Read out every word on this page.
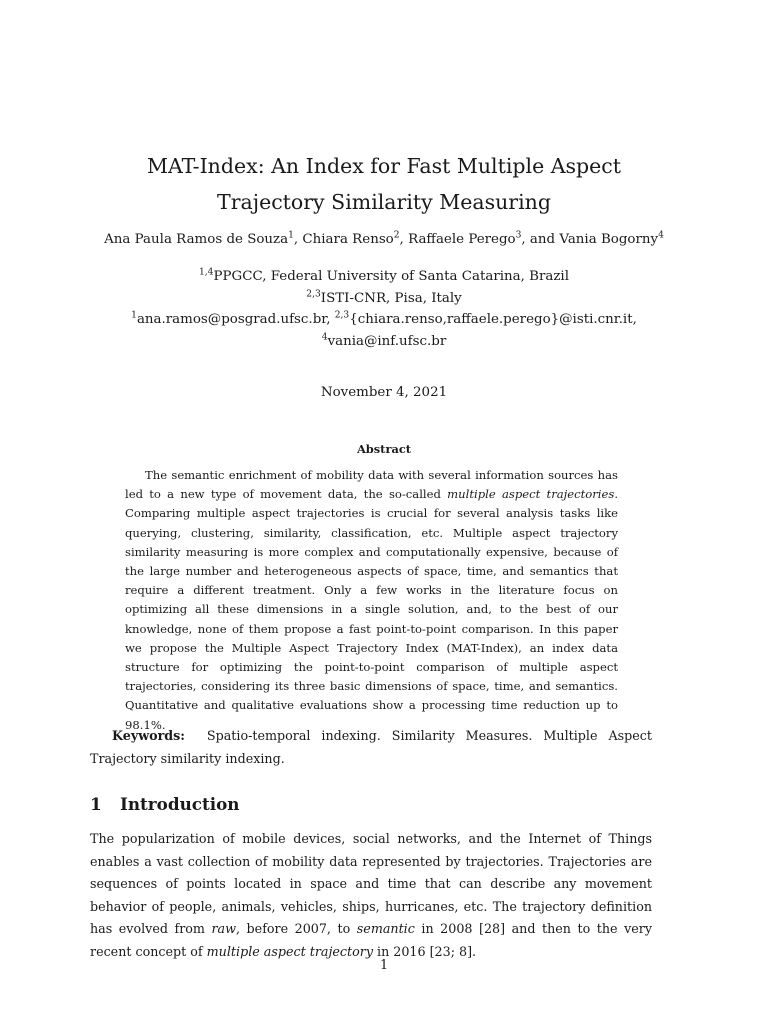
MAT-Index: An Index for Fast Multiple Aspect
Trajectory Similarity Measuring
Ana Paula Ramos de Souza$^1$, Chiara Renso$^2$, Raffaele Perego$^3$, and Vania Bogorny$^4$
$^{1,4}$PPGCC, Federal University of Santa Catarina, Brazil
$^{2,3}$ISTI-CNR, Pisa, Italy
$^1$ana.ramos@posgrad.ufsc.br, $^{2,3}${chiara.renso,raffaele.perego}@isti.cnr.it,
$^4$vania@inf.ufsc.br
November 4, 2021
Abstract
The semantic enrichment of mobility data with several information sources has led to a new type of movement data, the so-called multiple aspect trajectories. Comparing multiple aspect trajectories is crucial for several analysis tasks like querying, clustering, similarity, classification, etc. Multiple aspect trajectory similarity measuring is more complex and computationally expensive, because of the large number and heterogeneous aspects of space, time, and semantics that require a different treatment. Only a few works in the literature focus on optimizing all these dimensions in a single solution, and, to the best of our knowledge, none of them propose a fast point-to-point comparison. In this paper we propose the Multiple Aspect Trajectory Index (MAT-Index), an index data structure for optimizing the point-to-point comparison of multiple aspect trajectories, considering its three basic dimensions of space, time, and semantics. Quantitative and qualitative evaluations show a processing time reduction up to 98.1%.
Keywords: Spatio-temporal indexing. Similarity Measures. Multiple Aspect Trajectory similarity indexing.
1 Introduction
The popularization of mobile devices, social networks, and the Internet of Things enables a vast collection of mobility data represented by trajectories. Trajectories are sequences of points located in space and time that can describe any movement behavior of people, animals, vehicles, ships, hurricanes, etc. The trajectory definition has evolved from raw, before 2007, to semantic in 2008 [28] and then to the very recent concept of multiple aspect trajectory in 2016 [23; 8].
1
